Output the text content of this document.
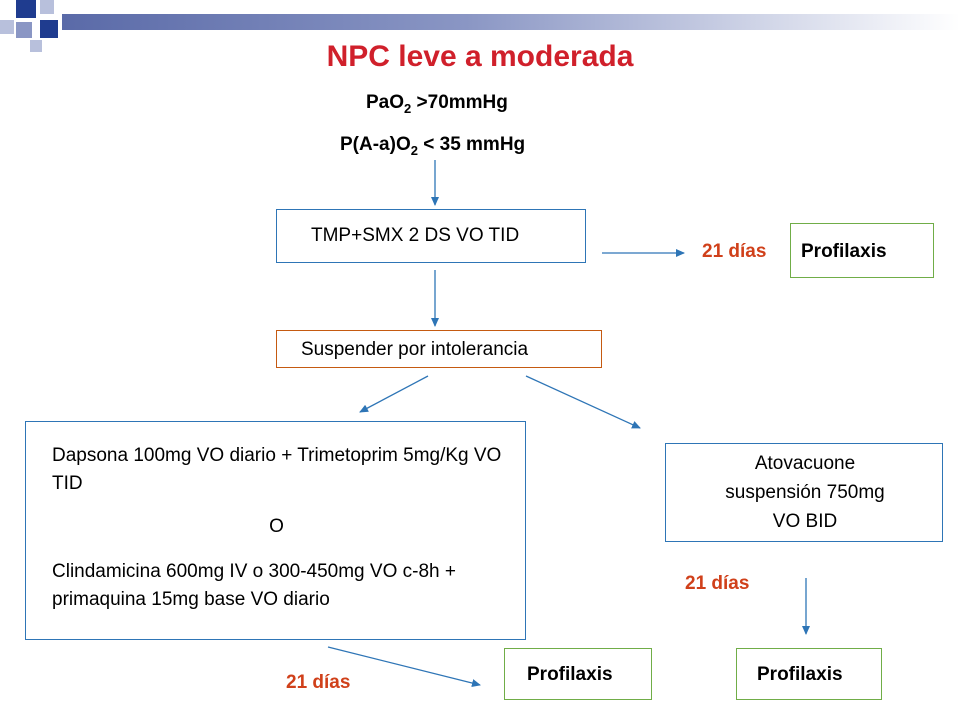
NPC leve a moderada
PaO$_2$ >70mmHg
$P(A-a)O_2 < 35$ mmHg
TMP+SMX 2 DS VO TID
21 días Profilaxis
Suspender por intolerancia
Dapsona 100mg VO diario + Trimetoprim 5mg/Kg VO TID
O
Clindamicina 600mg IV o 300-450mg VO c-8h + primaquina 15mg base VO diario
Atovacuone
suspensión 750mg
VO BID
21 días
21 días	Profilaxis	Profilaxis
